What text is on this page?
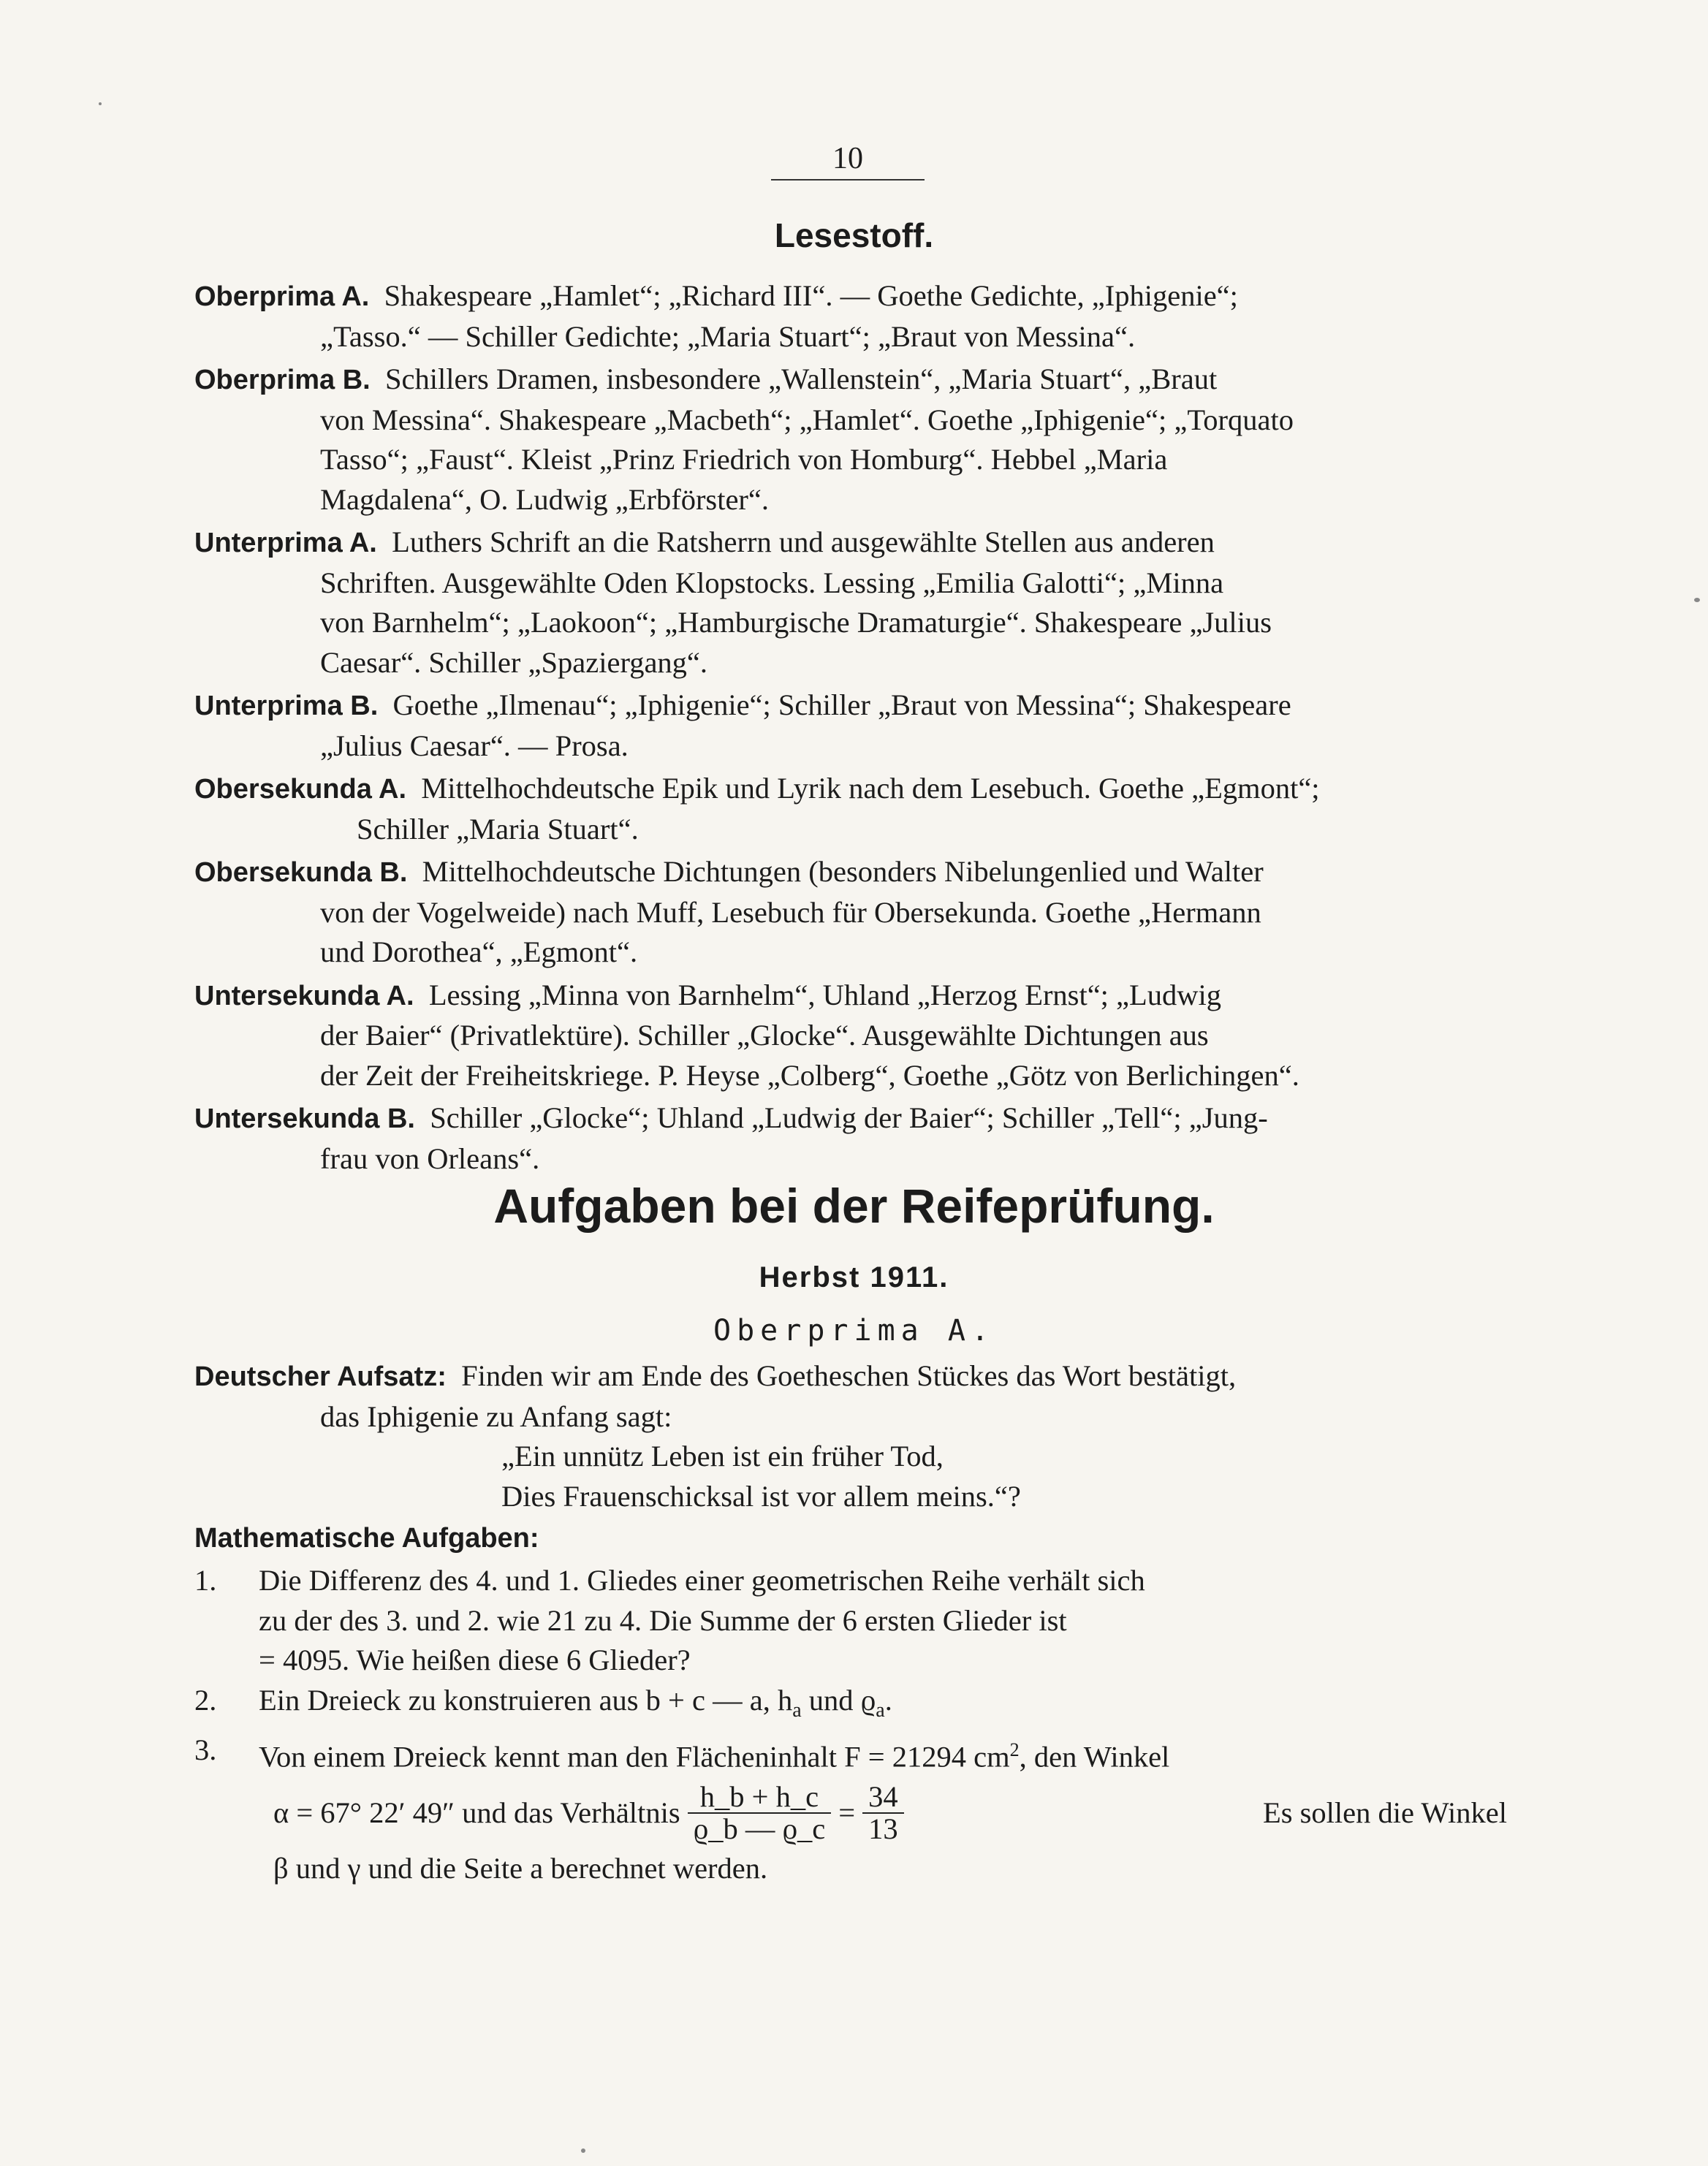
10
Lesestoff.
Oberprima A. Shakespeare „Hamlet“; „Richard III“. — Goethe Gedichte, „Iphigenie“;
„Tasso.“ — Schiller Gedichte; „Maria Stuart“; „Braut von Messina“.
Oberprima B. Schillers Dramen, insbesondere „Wallenstein“, „Maria Stuart“, „Braut
von Messina“. Shakespeare „Macbeth“; „Hamlet“. Goethe „Iphigenie“; „Torquato
Tasso“; „Faust“. Kleist „Prinz Friedrich von Homburg“. Hebbel „Maria
Magdalena“, O. Ludwig „Erbförster“.
Unterprima A. Luthers Schrift an die Ratsherrn und ausgewählte Stellen aus anderen
Schriften. Ausgewählte Oden Klopstocks. Lessing „Emilia Galotti“; „Minna
von Barnhelm“; „Laokoon“; „Hamburgische Dramaturgie“. Shakespeare „Julius
Caesar“. Schiller „Spaziergang“.
Unterprima B. Goethe „Ilmenau“; „Iphigenie“; Schiller „Braut von Messina“; Shakespeare
„Julius Caesar“. — Prosa.
Obersekunda A. Mittelhochdeutsche Epik und Lyrik nach dem Lesebuch. Goethe „Egmont“;
Schiller „Maria Stuart“.
Obersekunda B. Mittelhochdeutsche Dichtungen (besonders Nibelungenlied und Walter
von der Vogelweide) nach Muff, Lesebuch für Obersekunda. Goethe „Hermann
und Dorothea“, „Egmont“.
Untersekunda A. Lessing „Minna von Barnhelm“, Uhland „Herzog Ernst“; „Ludwig
der Baier“ (Privatlektüre). Schiller „Glocke“. Ausgewählte Dichtungen aus
der Zeit der Freiheitskriege. P. Heyse „Colberg“, Goethe „Götz von Berlichingen“.
Untersekunda B. Schiller „Glocke“; Uhland „Ludwig der Baier“; Schiller „Tell“; „Jung-
frau von Orleans“.
Aufgaben bei der Reifeprüfung.
Herbst 1911.
Oberprima A.
Deutscher Aufsatz: Finden wir am Ende des Goetheschen Stückes das Wort bestätigt,
das Iphigenie zu Anfang sagt:
„Ein unnütz Leben ist ein früher Tod,
Dies Frauenschicksal ist vor allem meins.“?
Mathematische Aufgaben:
1.	Die Differenz des 4. und 1. Gliedes einer geometrischen Reihe verhält sich
zu der des 3. und 2. wie 21 zu 4. Die Summe der 6 ersten Glieder ist
= 4095. Wie heißen diese 6 Glieder?
2.	Ein Dreieck zu konstruieren aus b + c — a, $h_a$ und $ϱ_a$.
3.	Von einem Dreieck kennt man den Flächeninhalt F = 21294 $cm^2$, den Winkel
α = 67° 22′ 49″ und das Verhältnis $\frac{h\_b + h\_c}{ϱ\_b — ϱ\_c} = \frac{34}{13}$	Es sollen die Winkel
β und γ und die Seite a berechnet werden.
